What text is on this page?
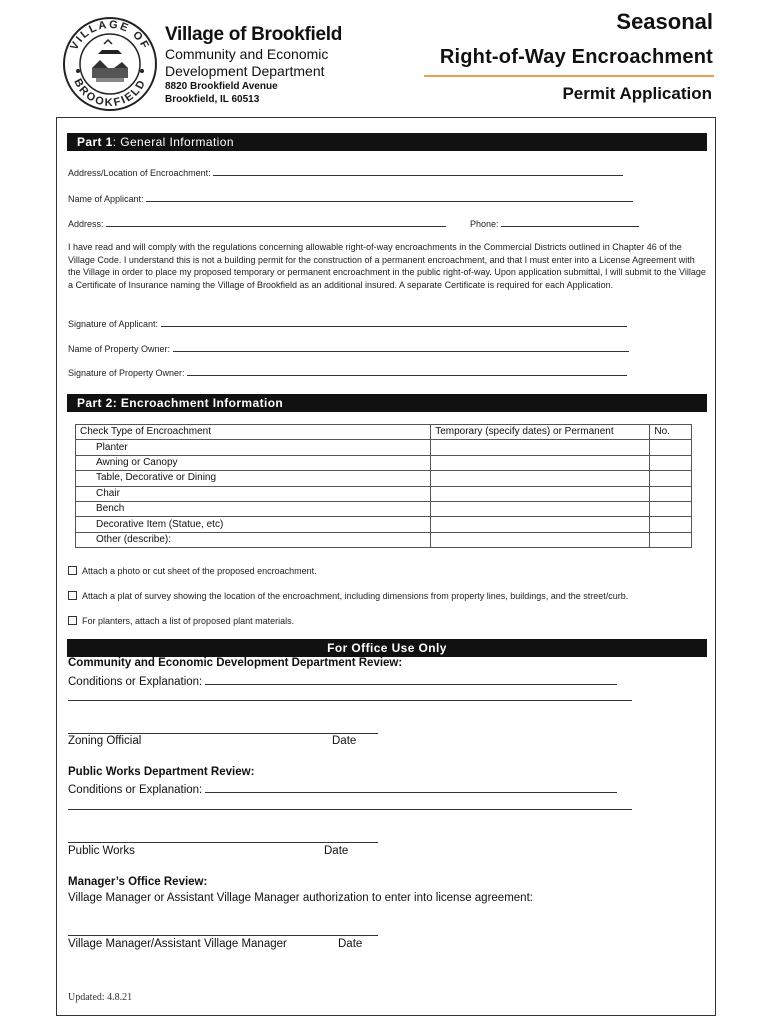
VILLAGE OF
BROOKFIELD
Village of Brookfield
Community and Economic
Development Department
8820 Brookfield Avenue
Brookfield, IL 60513
Seasonal
Right-of-Way Encroachment
Permit Application
Part 1: General Information
Address/Location of Encroachment:
Name of Applicant:
Address:	Phone:
I have read and will comply with the regulations concerning allowable right-of-way encroachments in the Commercial Districts outlined in Chapter 46 of the Village Code. I understand this is not a building permit for the construction of a permanent encroachment, and that I must enter into a License Agreement with the Village in order to place my proposed temporary or permanent encroachment in the public right-of-way. Upon application submittal, I will submit to the Village a Certificate of Insurance naming the Village of Brookfield as an additional insured. A separate Certificate is required for each Application.
Signature of Applicant:
Name of Property Owner:
Signature of Property Owner:
Part 2: Encroachment Information
Check Type of Encroachment	Temporary (specify dates) or Permanent	No.
Planter		
Awning or Canopy		
Table, Decorative or Dining		
Chair		
Bench		
Decorative Item (Statue, etc)		
Other (describe):		
Attach a photo or cut sheet of the proposed encroachment.
Attach a plat of survey showing the location of the encroachment, including dimensions from property lines, buildings, and the street/curb.
For planters, attach a list of proposed plant materials.
For Office Use Only
Community and Economic Development Department Review:
Conditions or Explanation:
Zoning Official	Date
Public Works Department Review:
Conditions or Explanation:
Public Works	Date
Manager’s Office Review:
Village Manager or Assistant Village Manager authorization to enter into license agreement:
Village Manager/Assistant Village Manager	Date
Updated: 4.8.21
